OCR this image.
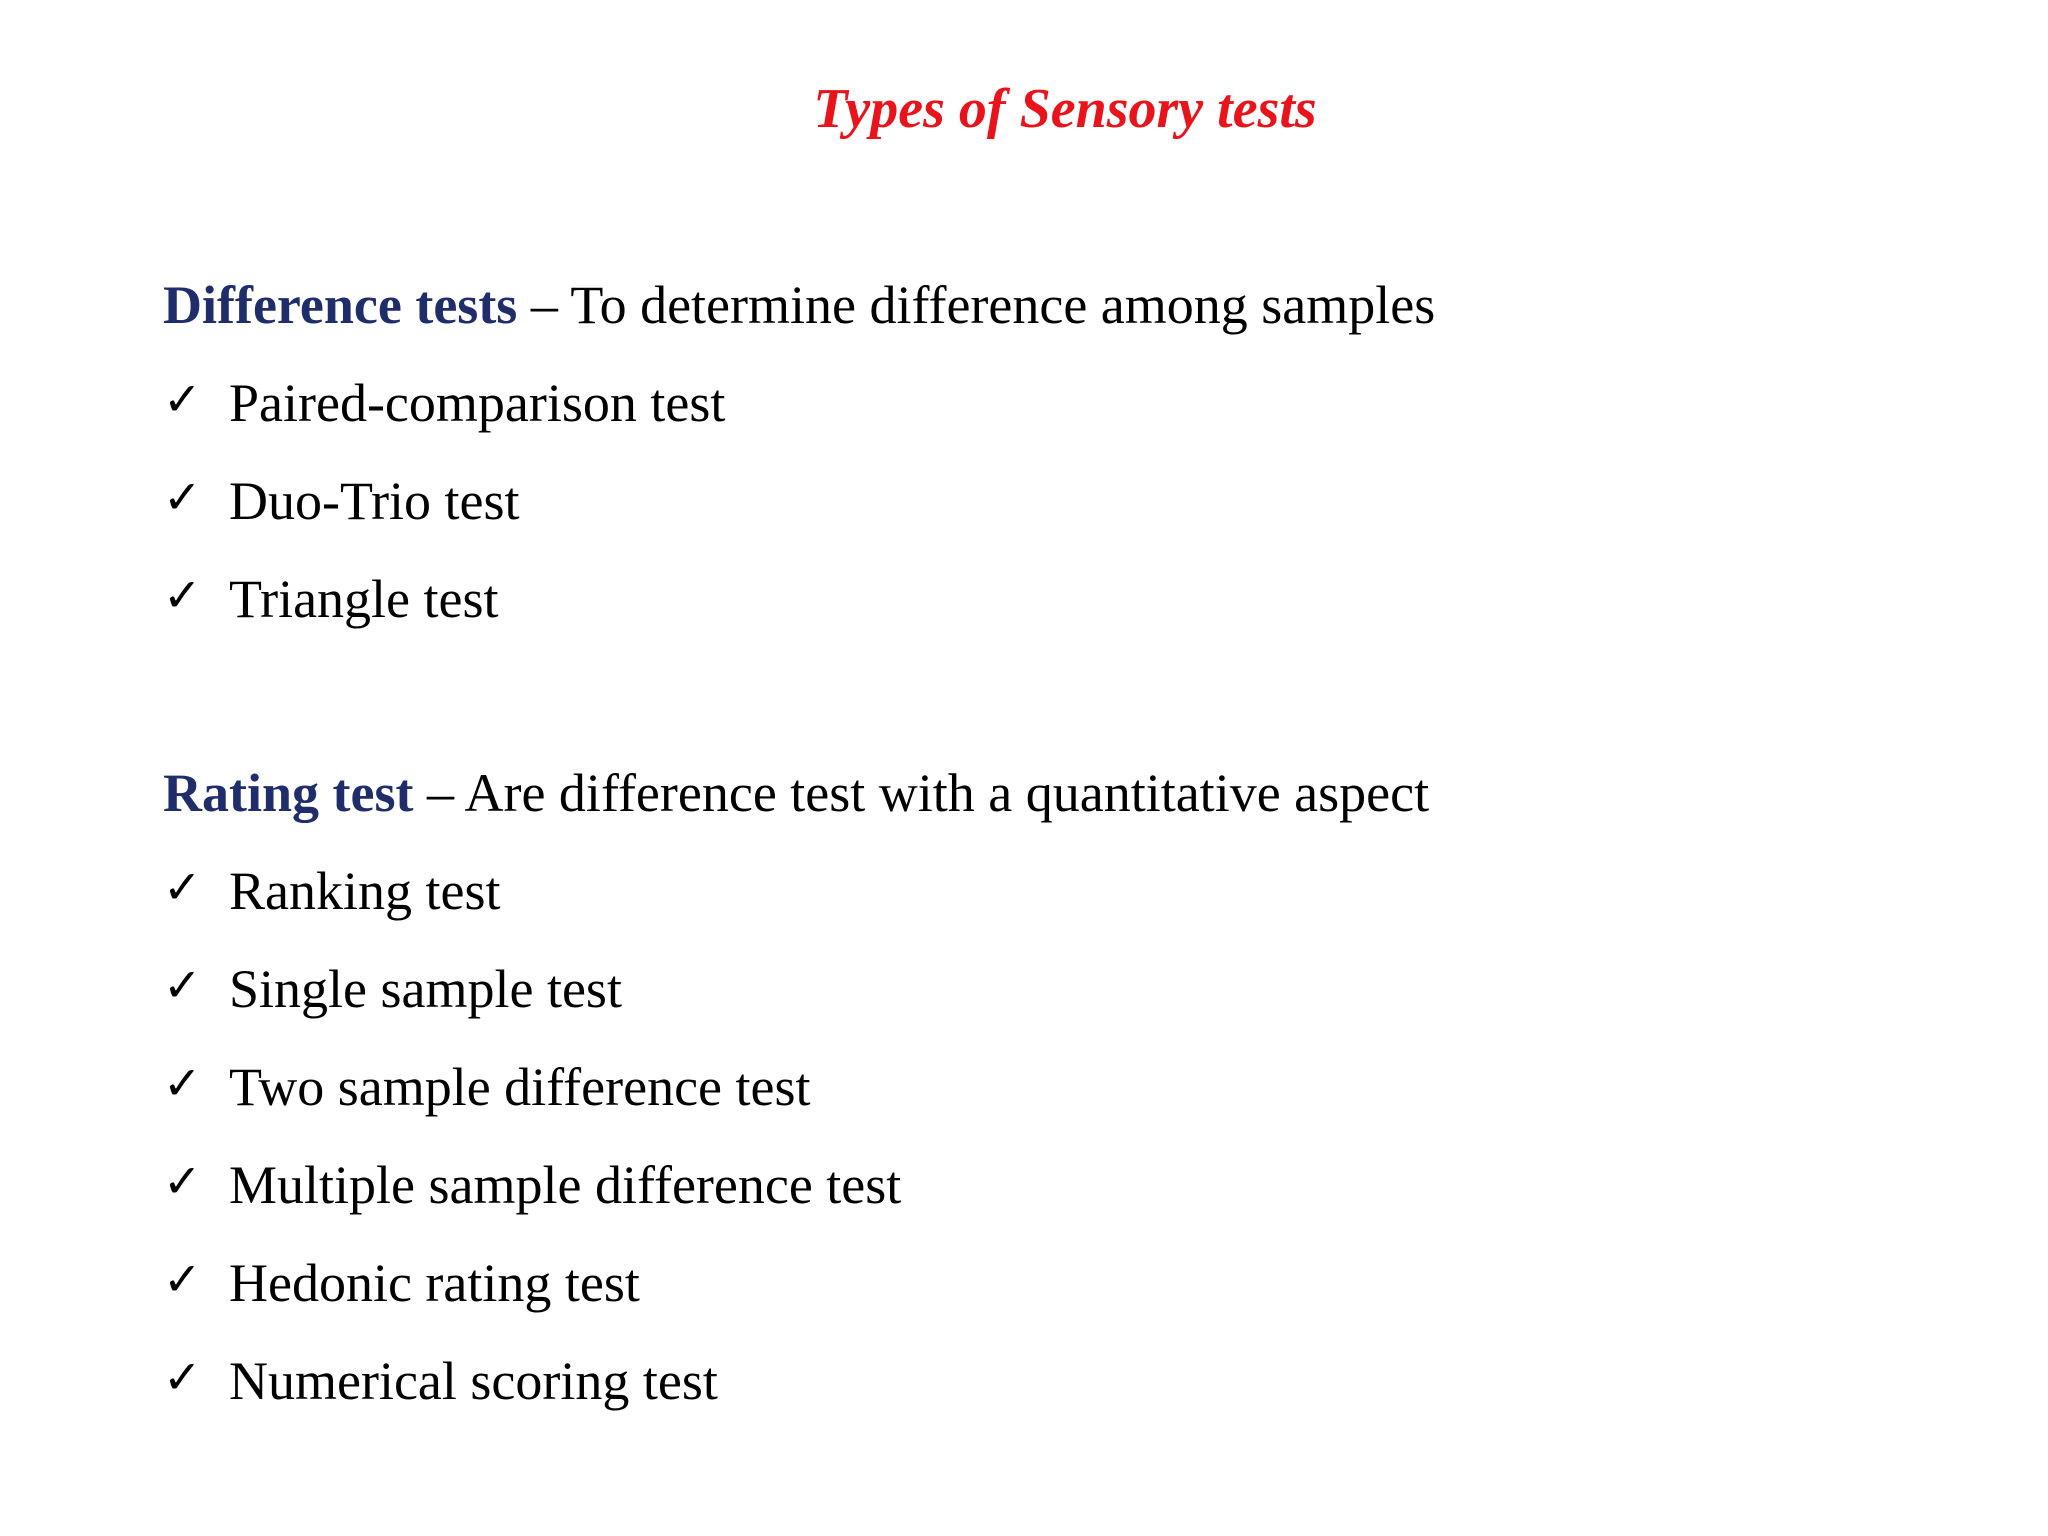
Types of Sensory tests
Difference tests – To determine difference among samples
✓ Paired-comparison test
✓ Duo-Trio test
✓ Triangle test
Rating test – Are difference test with a quantitative aspect
✓ Ranking test
✓ Single sample test
✓ Two sample difference test
✓ Multiple sample difference test
✓ Hedonic rating test
✓ Numerical scoring test
